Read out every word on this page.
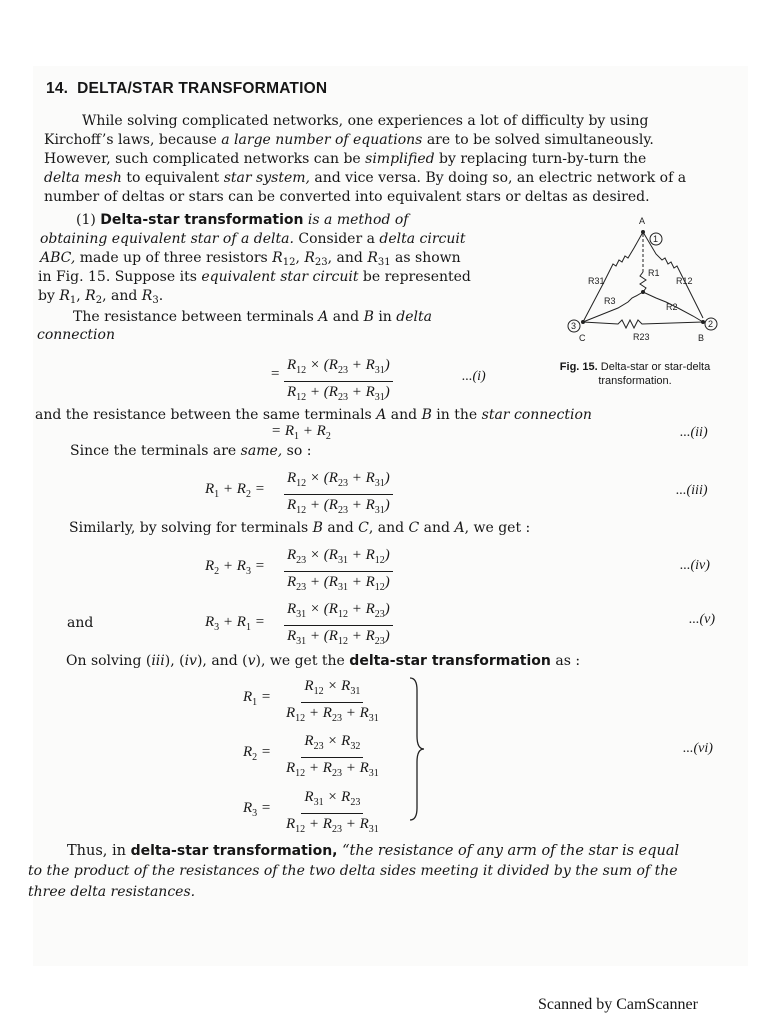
14. DELTA/STAR TRANSFORMATION

While solving complicated networks, one experiences a lot of difficulty by using

Kirchoff’s laws, because a large number of equations are to be solved simultaneously.

However, such complicated networks can be simplified by replacing turn-by-turn the

delta mesh to equivalent star system, and vice versa. By doing so, an electric network of a

number of deltas or stars can be converted into equivalent stars or deltas as desired.

(1) Delta-star transformation is a method of

obtaining equivalent star of a delta. Consider a delta circuit

ABC, made up of three resistors $R_{12}$, $R_{23}$, and $R_{31}$ as shown

in Fig. 15. Suppose its equivalent star circuit be represented

by $R_1$, $R_2$, and $R_3$.

The resistance between terminals A and B in delta

connection

= $\frac{R_{12} \times (R_{23} + R_{31})}{R_{12} + (R_{23} + R_{31})}$	...(i)
A
C	B
1
3	2
R31	R12
R23
R1
R2
R3
Fig. 15. Delta-star or star-delta transformation.

and the resistance between the same terminals A and B in the star connection

= $R_1 + R_2$	...(ii)

Since the terminals are same, so :

$R_1 + R_2 = \frac{R_{12} \times (R_{23} + R_{31})}{R_{12} + (R_{23} + R_{31})}$	...(iii)

Similarly, by solving for terminals B and C, and C and A, we get :

$R_2 + R_3 = \frac{R_{23} \times (R_{31} + R_{12})}{R_{23} + (R_{31} + R_{12})}$	...(iv)

and	$R_3 + R_1 = \frac{R_{31} \times (R_{12} + R_{23})}{R_{31} + (R_{12} + R_{23})}$	...(v)

On solving (iii), (iv), and (v), we get the delta-star transformation as :

$R_1 = \frac{R_{12} \times R_{31}}{R_{12} + R_{23} + R_{31}}$
$R_2 = \frac{R_{23} \times R_{32}}{R_{12} + R_{23} + R_{31}}$
$R_3 = \frac{R_{31} \times R_{23}}{R_{12} + R_{23} + R_{31}}$
...(vi)

Thus, in delta-star transformation, “the resistance of any arm of the star is equal

to the product of the resistances of the two delta sides meeting it divided by the sum of the

three delta resistances.

Scanned by CamScanner
